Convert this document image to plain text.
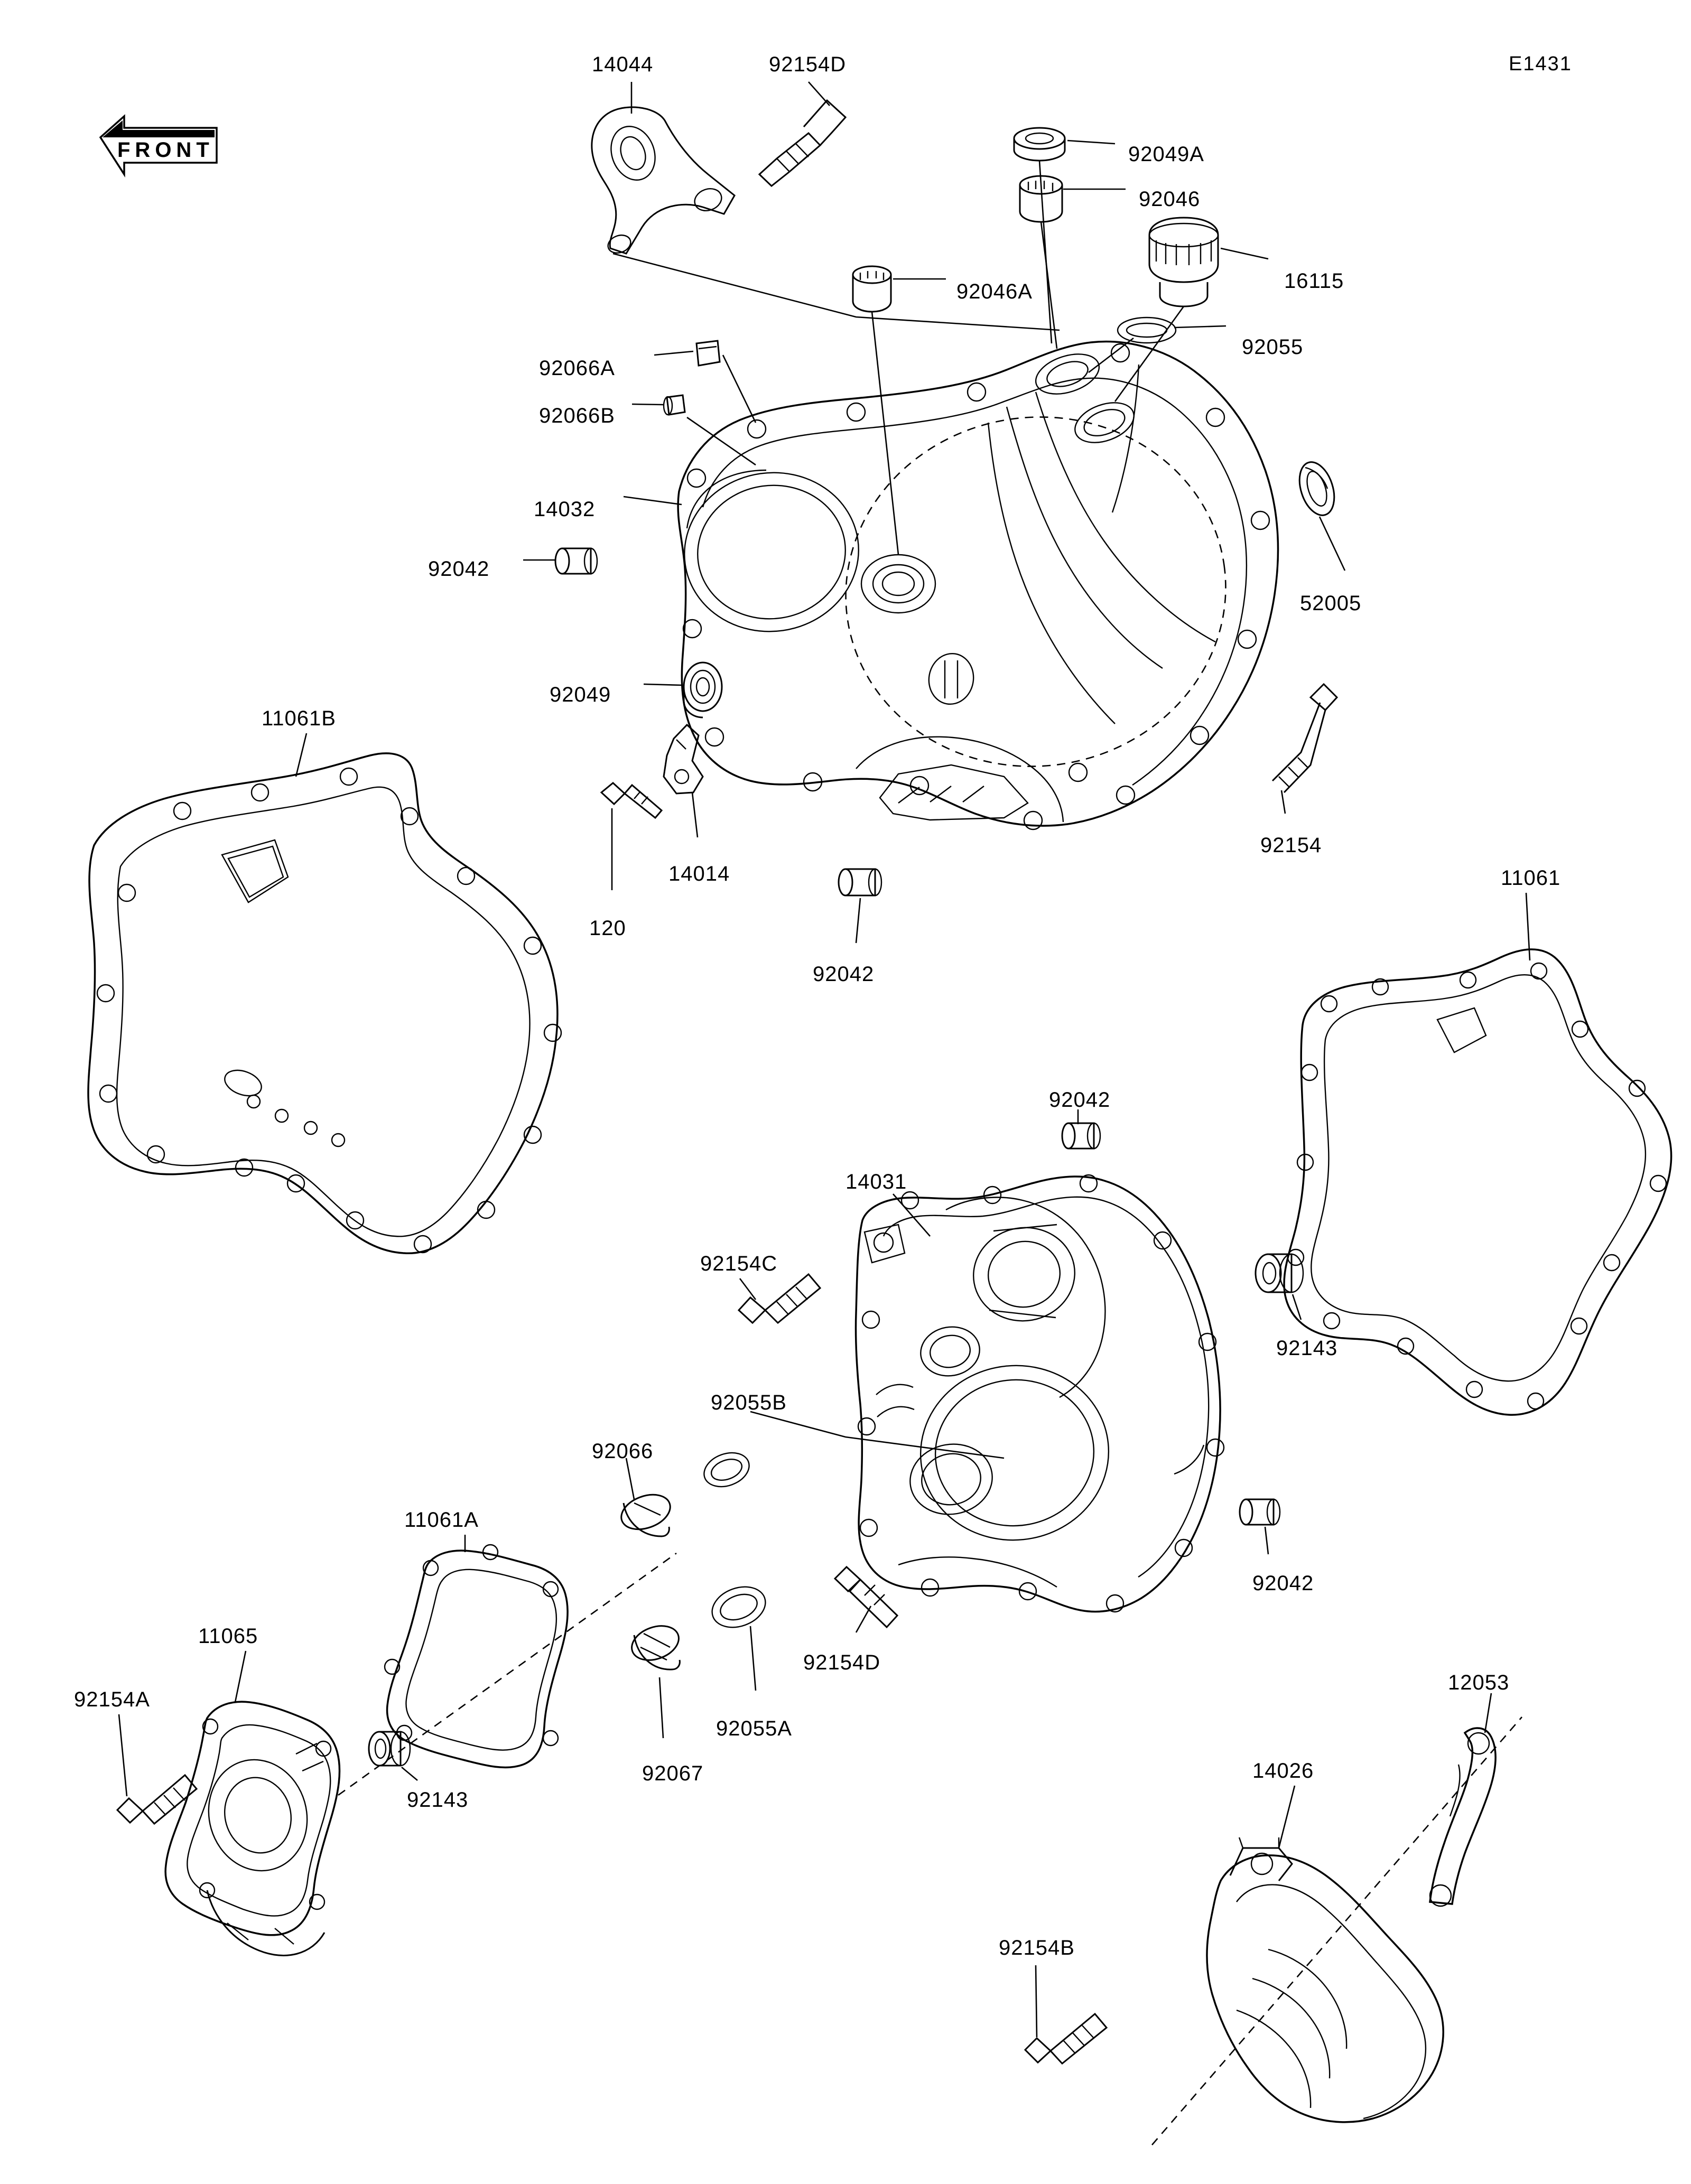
FRONT
E1431
14044	92154D
92049A
92046
16115
92046A
92055
92066A
92066B
14032
92042
52005
92049
14014
120
92154
92042
11061B
11061
92042
14031
92154C
92143
92055B
92066
11061A
11065
92042
92154D
92055A
92067
92143
92154A
12053
14026
92154B
